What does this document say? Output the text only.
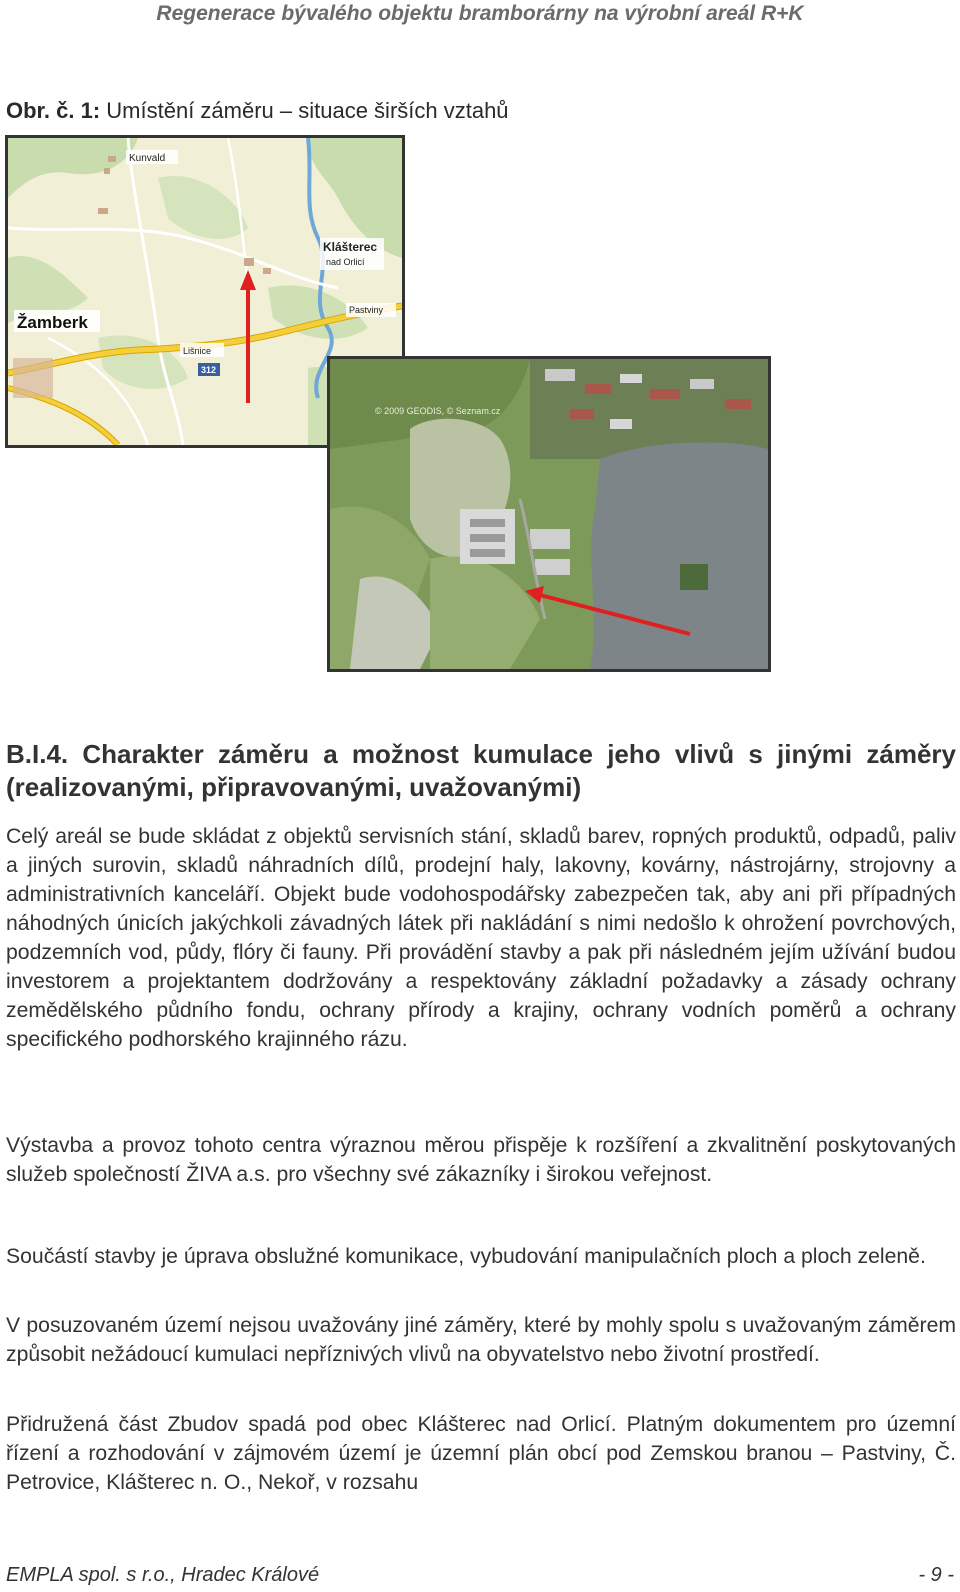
Regenerace bývalého objektu bramborárny na výrobní areál R+K
Obr. č. 1: Umístění záměru – situace širších vztahů
Kunvald
Klášterec
nad Orlicí
Pastviny
Žamberk
Lišnice
312
© 2009 GEODIS, © Seznam.cz
B.I.4. Charakter záměru a možnost kumulace jeho vlivů s jinými záměry (realizovanými, připravovanými, uvažovanými)

Celý areál se bude skládat z objektů servisních stání, skladů barev, ropných produktů, odpadů, paliv a jiných surovin, skladů náhradních dílů, prodejní haly, lakovny, kovárny, nástrojárny, strojovny a administrativních kanceláří. Objekt bude vodohospodářsky zabezpečen tak, aby ani při případných náhodných únicích jakýchkoli závadných látek při nakládání s nimi nedošlo k ohrožení povrchových, podzemních vod, půdy, flóry či fauny. Při provádění stavby a pak při následném jejím užívání budou investorem a projektantem dodržovány a respektovány základní požadavky a zásady ochrany zemědělského půdního fondu, ochrany přírody a krajiny, ochrany vodních poměrů a ochrany specifického podhorského krajinného rázu.

Výstavba a provoz tohoto centra výraznou měrou přispěje k rozšíření a zkvalitnění poskytovaných služeb společností ŽIVA a.s. pro všechny své zákazníky i širokou veřejnost.

Součástí stavby je úprava obslužné komunikace, vybudování manipulačních ploch a ploch zeleně.

V posuzovaném území nejsou uvažovány jiné záměry, které by mohly spolu s uvažovaným záměrem způsobit nežádoucí kumulaci nepříznivých vlivů na obyvatelstvo nebo životní prostředí.

Přidružená část Zbudov spadá pod obec Klášterec nad Orlicí. Platným dokumentem pro územní řízení a rozhodování v zájmovém území je územní plán obcí pod Zemskou branou – Pastviny, Č. Petrovice, Klášterec n. O., Nekoř, v rozsahu

EMPLA spol. s r.o., Hradec Králové	- 9 -
